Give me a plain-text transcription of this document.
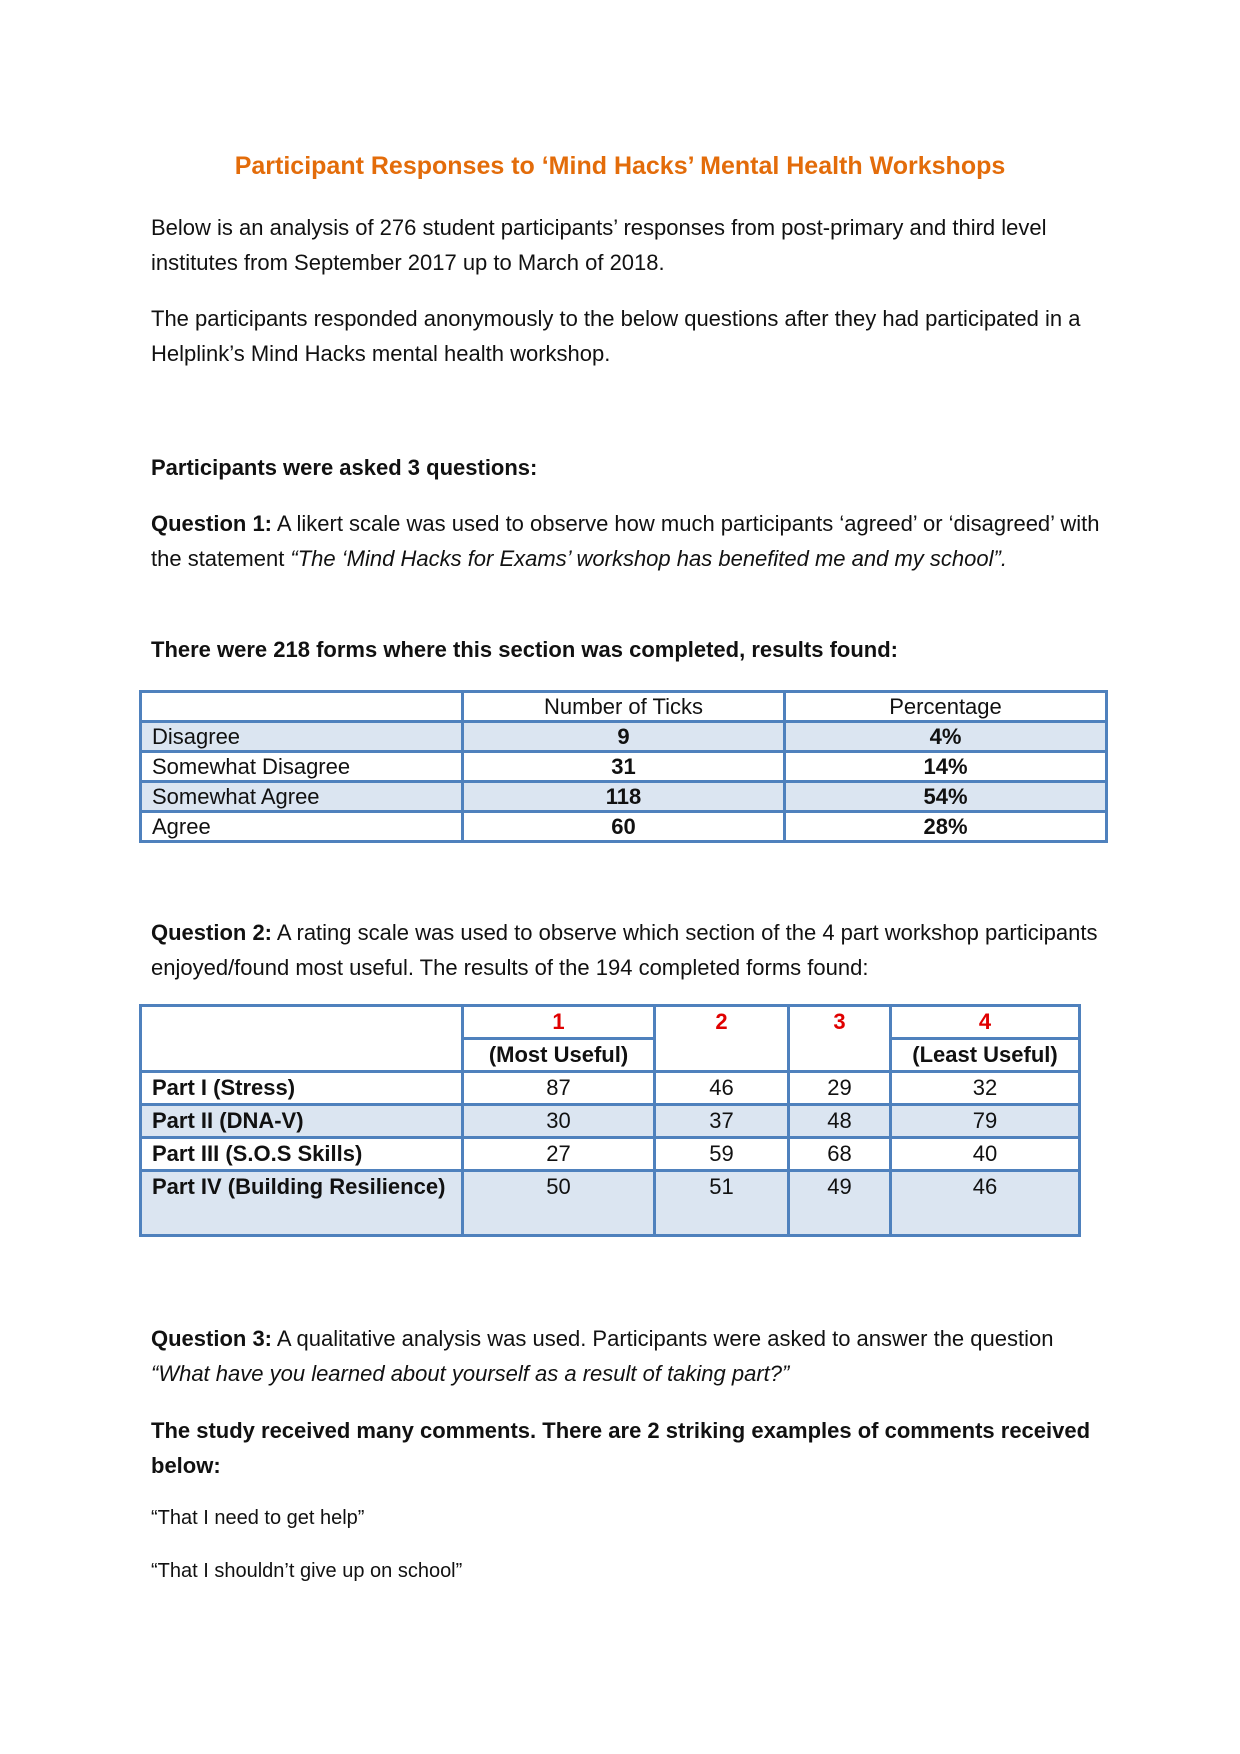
Participant Responses to ‘Mind Hacks’ Mental Health Workshops

Below is an analysis of 276 student participants’ responses from post-primary and third level institutes from September 2017 up to March of 2018.

The participants responded anonymously to the below questions after they had participated in a Helplink’s Mind Hacks mental health workshop.

Participants were asked 3 questions:

Question 1: A likert scale was used to observe how much participants ‘agreed’ or ‘disagreed’ with the statement “The ‘Mind Hacks for Exams’ workshop has benefited me and my school”.

There were 218 forms where this section was completed, results found:

	Number of Ticks	Percentage
Disagree	9	4%
Somewhat Disagree	31	14%
Somewhat Agree	118	54%
Agree	60	28%

Question 2: A rating scale was used to observe which section of the 4 part workshop participants enjoyed/found most useful. The results of the 194 completed forms found:

	1	2	3	4
	(Most Useful)			(Least Useful)
Part I (Stress)	87	46	29	32
Part II (DNA-V)	30	37	48	79
Part III (S.O.S Skills)	27	59	68	40
Part IV (Building Resilience)	50	51	49	46

Question 3: A qualitative analysis was used. Participants were asked to answer the question “What have you learned about yourself as a result of taking part?”

The study received many comments. There are 2 striking examples of comments received below:

“That I need to get help”

“That I shouldn’t give up on school”
